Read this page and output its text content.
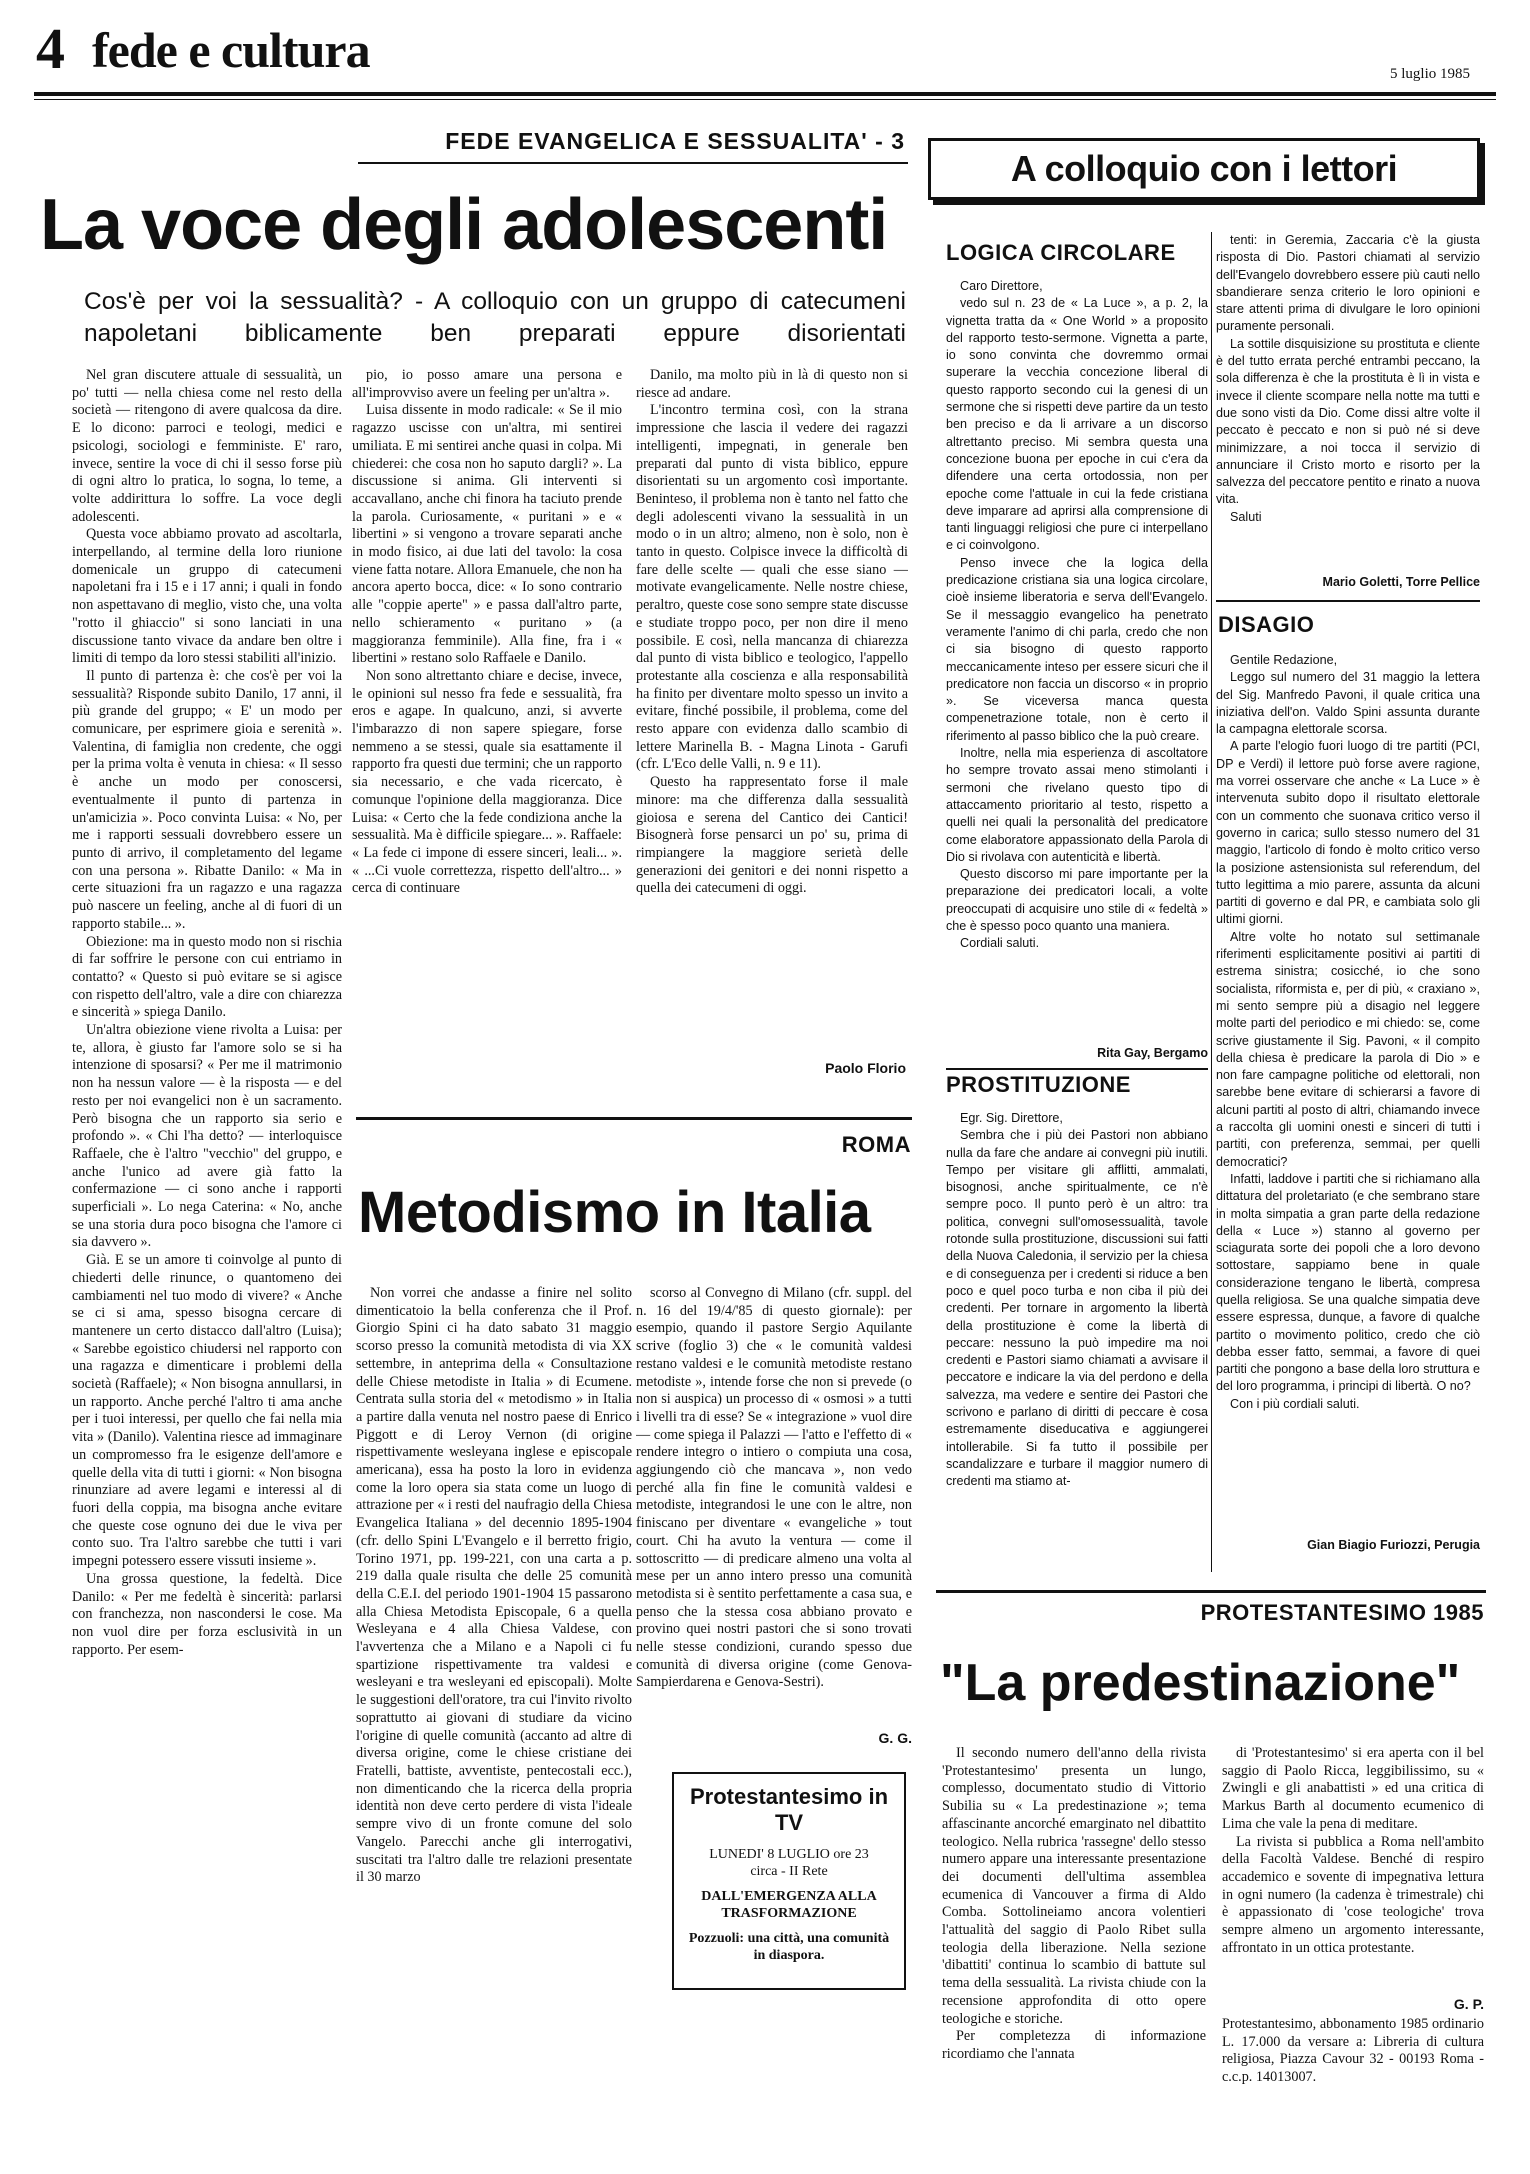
4 fede e cultura	5 luglio 1985
FEDE EVANGELICA E SESSUALITA' - 3
La voce degli adolescenti
Cos'è per voi la sessualità? - A colloquio con un gruppo di catecumeni napoletani biblicamente ben preparati eppure disorientati

Nel gran discutere attuale di sessualità, un po' tutti — nella chiesa come nel resto della società — ritengono di avere qualcosa da dire. E lo dicono: parroci e teologi, medici e psicologi, sociologi e femministe. E' raro, invece, sentire la voce di chi il sesso forse più di ogni altro lo pratica, lo sogna, lo teme, a volte addirittura lo soffre. La voce degli adolescenti.

Questa voce abbiamo provato ad ascoltarla, interpellando, al termine della loro riunione domenicale un gruppo di catecumeni napoletani fra i 15 e i 17 anni; i quali in fondo non aspettavano di meglio, visto che, una volta "rotto il ghiaccio" si sono lanciati in una discussione tanto vivace da andare ben oltre i limiti di tempo da loro stessi stabiliti all'inizio.

Il punto di partenza è: che cos'è per voi la sessualità? Risponde subito Danilo, 17 anni, il più grande del gruppo; « E' un modo per comunicare, per esprimere gioia e serenità ». Valentina, di famiglia non credente, che oggi per la prima volta è venuta in chiesa: « Il sesso è anche un modo per conoscersi, eventualmente il punto di partenza in un'amicizia ». Poco convinta Luisa: « No, per me i rapporti sessuali dovrebbero essere un punto di arrivo, il completamento del legame con una persona ». Ribatte Danilo: « Ma in certe situazioni fra un ragazzo e una ragazza può nascere un feeling, anche al di fuori di un rapporto stabile... ».

Obiezione: ma in questo modo non si rischia di far soffrire le persone con cui entriamo in contatto? « Questo si può evitare se si agisce con rispetto dell'altro, vale a dire con chiarezza e sincerità » spiega Danilo.

Un'altra obiezione viene rivolta a Luisa: per te, allora, è giusto far l'amore solo se si ha intenzione di sposarsi? « Per me il matrimonio non ha nessun valore — è la risposta — e del resto per noi evangelici non è un sacramento. Però bisogna che un rapporto sia serio e profondo ». « Chi l'ha detto? — interloquisce Raffaele, che è l'altro "vecchio" del gruppo, e anche l'unico ad avere già fatto la confermazione — ci sono anche i rapporti superficiali ». Lo nega Caterina: « No, anche se una storia dura poco bisogna che l'amore ci sia davvero ».

Già. E se un amore ti coinvolge al punto di chiederti delle rinunce, o quantomeno dei cambiamenti nel tuo modo di vivere? « Anche se ci si ama, spesso bisogna cercare di mantenere un certo distacco dall'altro (Luisa); « Sarebbe egoistico chiudersi nel rapporto con una ragazza e dimenticare i problemi della società (Raffaele); « Non bisogna annullarsi, in un rapporto. Anche perché l'altro ti ama anche per i tuoi interessi, per quello che fai nella mia vita » (Danilo). Valentina riesce ad immaginare un compromesso fra le esigenze dell'amore e quelle della vita di tutti i giorni: « Non bisogna rinunziare ad avere legami e interessi al di fuori della coppia, ma bisogna anche evitare che queste cose ognuno dei due le viva per conto suo. Tra l'altro sarebbe che tutti i vari impegni potessero essere vissuti insieme ».

Una grossa questione, la fedeltà. Dice Danilo: « Per me fedeltà è sincerità: parlarsi con franchezza, non nascondersi le cose. Ma non vuol dire per forza esclusività in un rapporto. Per esem-

pio, io posso amare una persona e all'improvviso avere un feeling per un'altra ».

Luisa dissente in modo radicale: « Se il mio ragazzo uscisse con un'altra, mi sentirei umiliata. E mi sentirei anche quasi in colpa. Mi chiederei: che cosa non ho saputo dargli? ». La discussione si anima. Gli interventi si accavallano, anche chi finora ha taciuto prende la parola. Curiosamente, « puritani » e « libertini » si vengono a trovare separati anche in modo fisico, ai due lati del tavolo: la cosa viene fatta notare. Allora Emanuele, che non ha ancora aperto bocca, dice: « Io sono contrario alle "coppie aperte" » e passa dall'altro parte, nello schieramento « puritano » (a maggioranza femminile). Alla fine, fra i « libertini » restano solo Raffaele e Danilo.

Non sono altrettanto chiare e decise, invece, le opinioni sul nesso fra fede e sessualità, fra eros e agape. In qualcuno, anzi, si avverte l'imbarazzo di non sapere spiegare, forse nemmeno a se stessi, quale sia esattamente il rapporto fra questi due termini; che un rapporto sia necessario, e che vada ricercato, è comunque l'opinione della maggioranza. Dice Luisa: « Certo che la fede condiziona anche la sessualità. Ma è difficile spiegare... ». Raffaele: « La fede ci impone di essere sinceri, leali... ». « ...Ci vuole correttezza, rispetto dell'altro... » cerca di continuare

Danilo, ma molto più in là di questo non si riesce ad andare.

L'incontro termina così, con la strana impressione che lascia il vedere dei ragazzi intelligenti, impegnati, in generale ben preparati dal punto di vista biblico, eppure disorientati su un argomento così importante. Beninteso, il problema non è tanto nel fatto che degli adolescenti vivano la sessualità in un modo o in un altro; almeno, non è solo, non è tanto in questo. Colpisce invece la difficoltà di fare delle scelte — quali che esse siano — motivate evangelicamente. Nelle nostre chiese, peraltro, queste cose sono sempre state discusse e studiate troppo poco, per non dire il meno possibile. E così, nella mancanza di chiarezza dal punto di vista biblico e teologico, l'appello protestante alla coscienza e alla responsabilità ha finito per diventare molto spesso un invito a evitare, finché possibile, il problema, come del resto appare con evidenza dallo scambio di lettere Marinella B. - Magna Linota - Garufi (cfr. L'Eco delle Valli, n. 9 e 11).

Questo ha rappresentato forse il male minore: ma che differenza dalla sessualità gioiosa e serena del Cantico dei Cantici! Bisognerà forse pensarci un po' su, prima di rimpiangere la maggiore serietà delle generazioni dei genitori e dei nonni rispetto a quella dei catecumeni di oggi.

Paolo Florio
ROMA
Metodismo in Italia

Non vorrei che andasse a finire nel solito dimenticatoio la bella conferenza che il Prof. Giorgio Spini ci ha dato sabato 31 maggio scorso presso la comunità metodista di via XX settembre, in anteprima della « Consultazione delle Chiese metodiste in Italia » di Ecumene. Centrata sulla storia del « metodismo » in Italia a partire dalla venuta nel nostro paese di Enrico Piggott e di Leroy Vernon (di origine rispettivamente wesleyana inglese e episcopale americana), essa ha posto la loro in evidenza come la loro opera sia stata come un luogo di attrazione per « i resti del naufragio della Chiesa Evangelica Italiana » del decennio 1895-1904 (cfr. dello Spini L'Evangelo e il berretto frigio, Torino 1971, pp. 199-221, con una carta a p. 219 dalla quale risulta che delle 25 comunità della C.E.I. del periodo 1901-1904 15 passarono alla Chiesa Metodista Episcopale, 6 a quella Wesleyana e 4 alla Chiesa Valdese, con l'avvertenza che a Milano e a Napoli ci fu spartizione rispettivamente tra valdesi e wesleyani e tra wesleyani ed episcopali). Molte le suggestioni dell'oratore, tra cui l'invito rivolto soprattutto ai giovani di studiare da vicino l'origine di quelle comunità (accanto ad altre di diversa origine, come le chiese cristiane dei Fratelli, battiste, avventiste, pentecostali ecc.), non dimenticando che la ricerca della propria identità non deve certo perdere di vista l'ideale sempre vivo di un fronte comune del solo Vangelo. Parecchi anche gli interrogativi, suscitati tra l'altro dalle tre relazioni presentate il 30 marzo

scorso al Convegno di Milano (cfr. suppl. del n. 16 del 19/4/'85 di questo giornale): per esempio, quando il pastore Sergio Aquilante scrive (foglio 3) che « le comunità valdesi restano valdesi e le comunità metodiste restano metodiste », intende forse che non si prevede (o non si auspica) un processo di « osmosi » a tutti i livelli tra di esse? Se « integrazione » vuol dire — come spiega il Palazzi — l'atto e l'effetto di « rendere integro o intiero o compiuta una cosa, aggiungendo ciò che mancava », non vedo perché alla fin fine le comunità valdesi e metodiste, integrandosi le une con le altre, non finiscano per diventare « evangeliche » tout court. Chi ha avuto la ventura — come il sottoscritto — di predicare almeno una volta al mese per un anno intero presso una comunità metodista si è sentito perfettamente a casa sua, e penso che la stessa cosa abbiano provato e provino quei nostri pastori che si sono trovati nelle stesse condizioni, curando spesso due comunità di diversa origine (come Genova-Sampierdarena e Genova-Sestri).

G. G.
Protestantesimo in TV
LUNEDI' 8 LUGLIO ore 23 circa - II Rete
DALL'EMERGENZA ALLA TRASFORMAZIONE
Pozzuoli: una città, una comunità in diaspora.
A colloquio con i lettori
LOGICA CIRCOLARE

Caro Direttore,

vedo sul n. 23 de « La Luce », a p. 2, la vignetta tratta da « One World » a proposito del rapporto testo-sermone. Vignetta a parte, io sono convinta che dovremmo ormai superare la vecchia concezione liberal di questo rapporto secondo cui la genesi di un sermone che si rispetti deve partire da un testo ben preciso e da li arrivare a un discorso altrettanto preciso. Mi sembra questa una concezione buona per epoche in cui c'era da difendere una certa ortodossia, non per epoche come l'attuale in cui la fede cristiana deve imparare ad aprirsi alla comprensione di tanti linguaggi religiosi che pure ci interpellano e ci coinvolgono.

Penso invece che la logica della predicazione cristiana sia una logica circolare, cioè insieme liberatoria e serva dell'Evangelo. Se il messaggio evangelico ha penetrato veramente l'animo di chi parla, credo che non ci sia bisogno di questo rapporto meccanicamente inteso per essere sicuri che il predicatore non faccia un discorso « in proprio ». Se viceversa manca questa compenetrazione totale, non è certo il riferimento al passo biblico che la può creare.

Inoltre, nella mia esperienza di ascoltatore ho sempre trovato assai meno stimolanti i sermoni che rivelano questo tipo di attaccamento prioritario al testo, rispetto a quelli nei quali la personalità del predicatore come elaboratore appassionato della Parola di Dio si rivolava con autenticità e libertà.

Questo discorso mi pare importante per la preparazione dei predicatori locali, a volte preoccupati di acquisire uno stile di « fedeltà » che è spesso poco quanto una maniera.

Cordiali saluti.

Rita Gay, Bergamo
PROSTITUZIONE

Egr. Sig. Direttore,

Sembra che i più dei Pastori non abbiano nulla da fare che andare ai convegni più inutili. Tempo per visitare gli afflitti, ammalati, bisognosi, anche spiritualmente, ce n'è sempre poco. Il punto però è un altro: tra politica, convegni sull'omosessualità, tavole rotonde sulla prostituzione, discussioni sui fatti della Nuova Caledonia, il servizio per la chiesa e di conseguenza per i credenti si riduce a ben poco e quel poco turba e non ciba il più dei credenti. Per tornare in argomento la libertà della prostituzione è come la libertà di peccare: nessuno la può impedire ma noi credenti e Pastori siamo chiamati a avvisare il peccatore e indicare la via del perdono e della salvezza, ma vedere e sentire dei Pastori che scrivono e parlano di diritti di peccare è cosa estremamente diseducativa e aggiungerei intollerabile. Si fa tutto il possibile per scandalizzare e turbare il maggior numero di credenti ma stiamo at-

tenti: in Geremia, Zaccaria c'è la giusta risposta di Dio. Pastori chiamati al servizio dell'Evangelo dovrebbero essere più cauti nello sbandierare senza criterio le loro opinioni e stare attenti prima di divulgare le loro opinioni puramente personali.

La sottile disquisizione su prostituta e cliente è del tutto errata perché entrambi peccano, la sola differenza è che la prostituta è lì in vista e invece il cliente scompare nella notte ma tutti e due sono visti da Dio. Come dissi altre volte il peccato è peccato e non si può né si deve minimizzare, a noi tocca il servizio di annunciare il Cristo morto e risorto per la salvezza del peccatore pentito e rinato a nuova vita.

Saluti

Mario Goletti, Torre Pellice
DISAGIO

Gentile Redazione,

Leggo sul numero del 31 maggio la lettera del Sig. Manfredo Pavoni, il quale critica una iniziativa dell'on. Valdo Spini assunta durante la campagna elettorale scorsa.

A parte l'elogio fuori luogo di tre partiti (PCI, DP e Verdi) il lettore può forse avere ragione, ma vorrei osservare che anche « La Luce » è intervenuta subito dopo il risultato elettorale con un commento che suonava critico verso il governo in carica; sullo stesso numero del 31 maggio, l'articolo di fondo è molto critico verso la posizione astensionista sul referendum, del tutto legittima a mio parere, assunta da alcuni partiti di governo e dal PR, e cambiata solo gli ultimi giorni.

Altre volte ho notato sul settimanale riferimenti esplicitamente positivi ai partiti di estrema sinistra; cosicché, io che sono socialista, riformista e, per di più, « craxiano », mi sento sempre più a disagio nel leggere molte parti del periodico e mi chiedo: se, come scrive giustamente il Sig. Pavoni, « il compito della chiesa è predicare la parola di Dio » e non fare campagne politiche od elettorali, non sarebbe bene evitare di schierarsi a favore di alcuni partiti al posto di altri, chiamando invece a raccolta gli uomini onesti e sinceri di tutti i partiti, con preferenza, semmai, per quelli democratici?

Infatti, laddove i partiti che si richiamano alla dittatura del proletariato (e che sembrano stare in molta simpatia a gran parte della redazione della « Luce ») stanno al governo per sciagurata sorte dei popoli che a loro devono sottostare, sappiamo bene in quale considerazione tengano le libertà, compresa quella religiosa. Se una qualche simpatia deve essere espressa, dunque, a favore di qualche partito o movimento politico, credo che ciò debba esser fatto, semmai, a favore di quei partiti che pongono a base della loro struttura e del loro programma, i principi di libertà. O no?

Con i più cordiali saluti.

Gian Biagio Furiozzi, Perugia
PROTESTANTESIMO 1985
"La predestinazione"

Il secondo numero dell'anno della rivista 'Protestantesimo' presenta un lungo, complesso, documentato studio di Vittorio Subilia su « La predestinazione »; tema affascinante ancorché emarginato nel dibattito teologico. Nella rubrica 'rassegne' dello stesso numero appare una interessante presentazione dei documenti dell'ultima assemblea ecumenica di Vancouver a firma di Aldo Comba. Sottolineiamo ancora volentieri l'attualità del saggio di Paolo Ribet sulla teologia della liberazione. Nella sezione 'dibattiti' continua lo scambio di battute sul tema della sessualità. La rivista chiude con la recensione approfondita di otto opere teologiche e storiche.

Per completezza di informazione ricordiamo che l'annata

di 'Protestantesimo' si era aperta con il bel saggio di Paolo Ricca, leggibilissimo, su « Zwingli e gli anabattisti » ed una critica di Markus Barth al documento ecumenico di Lima che vale la pena di meditare.

La rivista si pubblica a Roma nell'ambito della Facoltà Valdese. Benché di respiro accademico e sovente di impegnativa lettura in ogni numero (la cadenza è trimestrale) chi è appassionato di 'cose teologiche' trova sempre almeno un argomento interessante, affrontato in un ottica protestante.

G. P.
Protestantesimo, abbonamento 1985 ordinario L. 17.000 da versare a: Libreria di cultura religiosa, Piazza Cavour 32 - 00193 Roma - c.c.p. 14013007.
